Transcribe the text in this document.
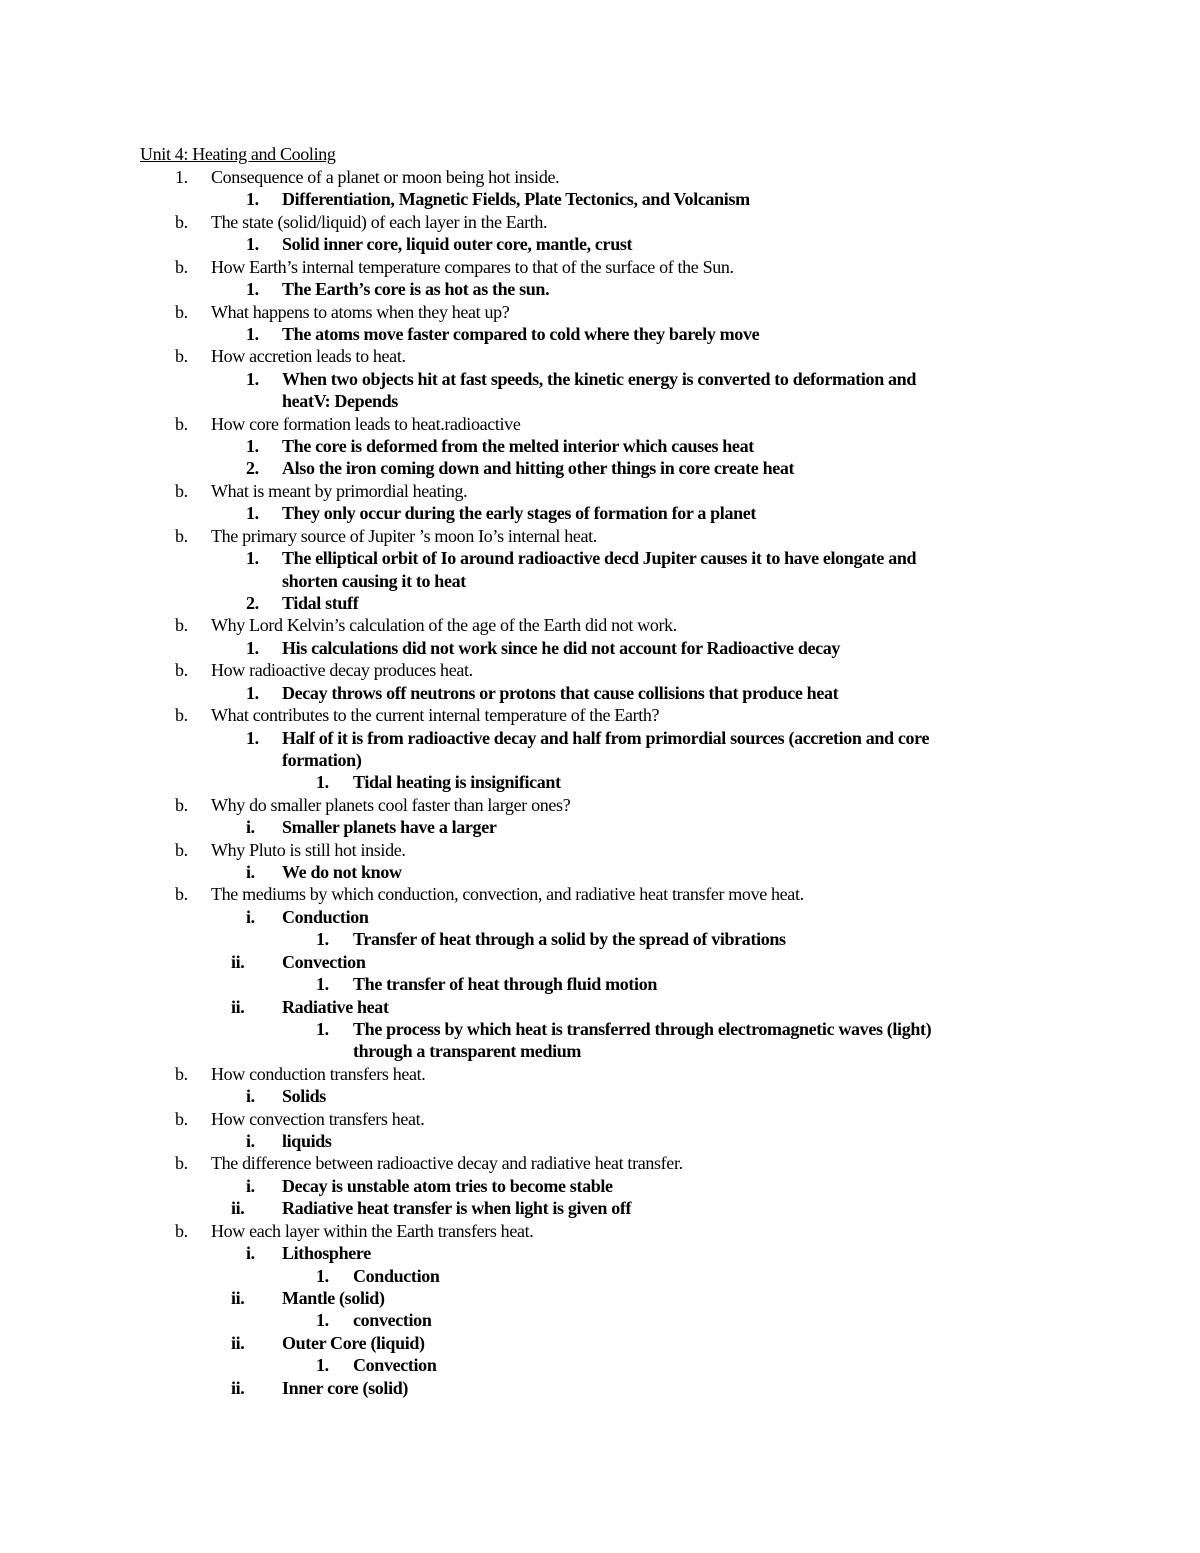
Unit 4: Heating and Cooling
1. Consequence of a planet or moon being hot inside.
1. Differentiation, Magnetic Fields, Plate Tectonics, and Volcanism
b. The state (solid/liquid) of each layer in the Earth.
1. Solid inner core, liquid outer core, mantle, crust
b. How Earth’s internal temperature compares to that of the surface of the Sun.
1. The Earth’s core is as hot as the sun.
b. What happens to atoms when they heat up?
1. The atoms move faster compared to cold where they barely move
b. How accretion leads to heat.
1. When two objects hit at fast speeds, the kinetic energy is converted to deformation and
heatV: Depends
b. How core formation leads to heat.radioactive
1. The core is deformed from the melted interior which causes heat
2. Also the iron coming down and hitting other things in core create heat
b. What is meant by primordial heating.
1. They only occur during the early stages of formation for a planet
b. The primary source of Jupiter ’s moon Io’s internal heat.
1. The elliptical orbit of Io around radioactive decd Jupiter causes it to have elongate and
shorten causing it to heat
2. Tidal stuff
b. Why Lord Kelvin’s calculation of the age of the Earth did not work.
1. His calculations did not work since he did not account for Radioactive decay
b. How radioactive decay produces heat.
1. Decay throws off neutrons or protons that cause collisions that produce heat
b. What contributes to the current internal temperature of the Earth?
1. Half of it is from radioactive decay and half from primordial sources (accretion and core
formation)
1. Tidal heating is insignificant
b. Why do smaller planets cool faster than larger ones?
i. Smaller planets have a larger
b. Why Pluto is still hot inside.
i. We do not know
b. The mediums by which conduction, convection, and radiative heat transfer move heat.
i. Conduction
1. Transfer of heat through a solid by the spread of vibrations
ii. Convection
1. The transfer of heat through fluid motion
ii. Radiative heat
1. The process by which heat is transferred through electromagnetic waves (light)
through a transparent medium
b. How conduction transfers heat.
i. Solids
b. How convection transfers heat.
i. liquids
b. The difference between radioactive decay and radiative heat transfer.
i. Decay is unstable atom tries to become stable
ii. Radiative heat transfer is when light is given off
b. How each layer within the Earth transfers heat.
i. Lithosphere
1. Conduction
ii. Mantle (solid)
1. convection
ii. Outer Core (liquid)
1. Convection
ii. Inner core (solid)
